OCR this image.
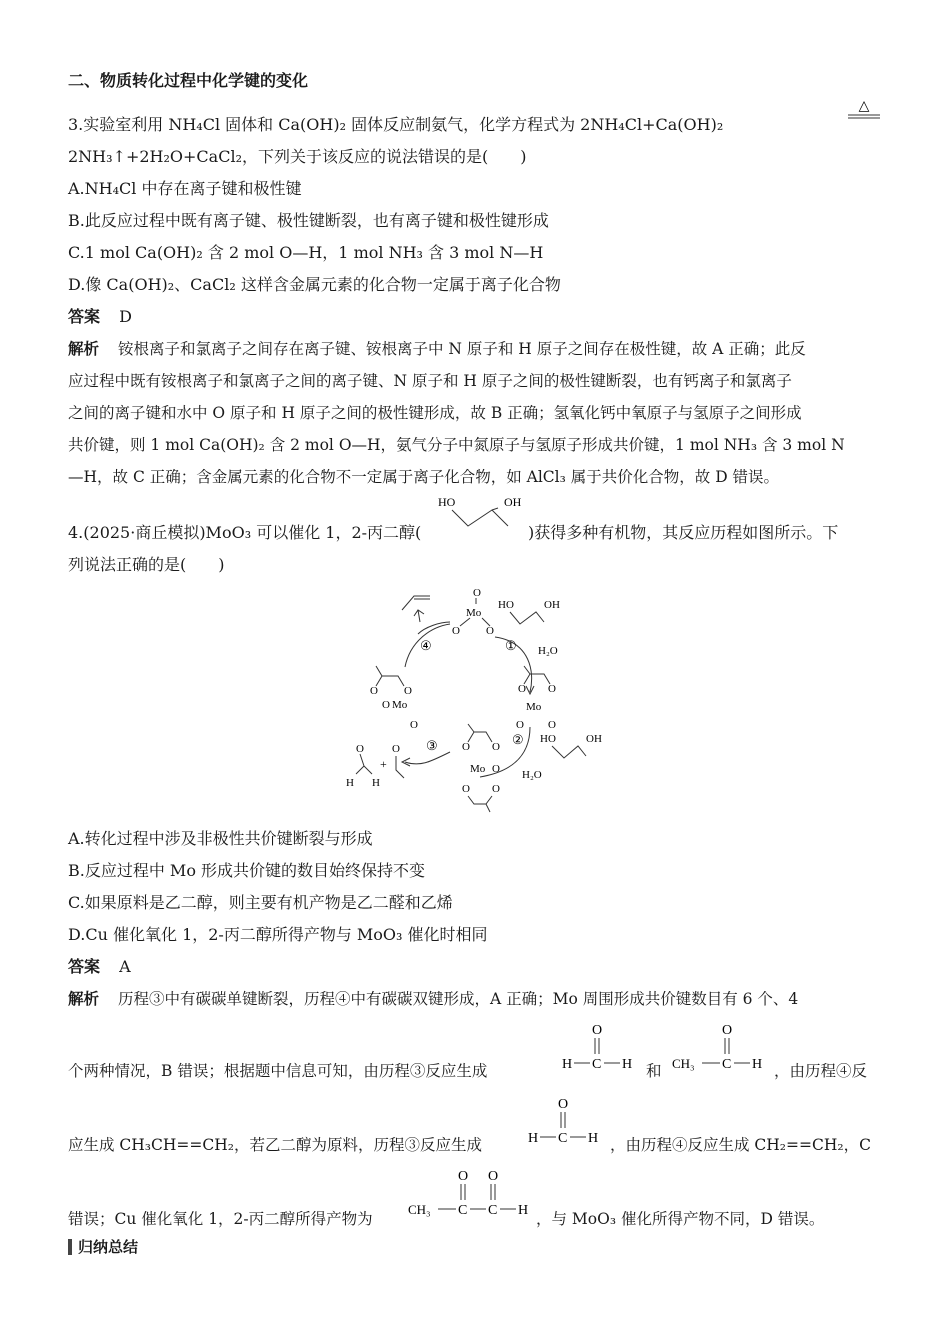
二、物质转化过程中化学键的变化
3.实验室利用 NH₄Cl 固体和 Ca(OH)₂ 固体反应制氨气，化学方程式为 2NH₄Cl+Ca(OH)₂
△
2NH₃↑+2H₂O+CaCl₂，下列关于该反应的说法错误的是(　　)
A.NH₄Cl 中存在离子键和极性键
B.此反应过程中既有离子键、极性键断裂，也有离子键和极性键形成
C.1 mol Ca(OH)₂ 含 2 mol O—H，1 mol NH₃ 含 3 mol N—H
D.像 Ca(OH)₂、CaCl₂ 这样含金属元素的化合物一定属于离子化合物
答案 D
解析 铵根离子和氯离子之间存在离子键、铵根离子中 N 原子和 H 原子之间存在极性键，故 A 正确；此反
应过程中既有铵根离子和氯离子之间的离子键、N 原子和 H 原子之间的极性键断裂，也有钙离子和氯离子
之间的离子键和水中 O 原子和 H 原子之间的极性键形成，故 B 正确；氢氧化钙中氧原子与氢原子之间形成
共价键，则 1 mol Ca(OH)₂ 含 2 mol O—H，氨气分子中氮原子与氢原子形成共价键，1 mol NH₃ 含 3 mol N
—H，故 C 正确；含金属元素的化合物不一定属于离子化合物，如 AlCl₃ 属于共价化合物，故 D 错误。
4.(2025·商丘模拟)MoO₃ 可以催化 1，2-丙二醇(
HO	OH
)获得多种有机物，其反应历程如图所示。下
列说法正确的是(　　)
④	①
②
③
O
Mo
O O
HO	OH
H₂O
O O
Mo
O O
HO	OH
H₂O
O O
Mo O
O O
O O
Mo
O
O
O
H H
+
O
A.转化过程中涉及非极性共价键断裂与形成
B.反应过程中 Mo 形成共价键的数目始终保持不变
C.如果原料是乙二醇，则主要有机产物是乙二醛和乙烯
D.Cu 催化氧化 1，2-丙二醇所得产物与 MoO₃ 催化时相同
答案 A
解析 历程③中有碳碳单键断裂，历程④中有碳碳双键形成，A 正确；Mo 周围形成共价键数目有 6 个、4
个两种情况，B 错误；根据题中信息可知，由历程③反应生成
O
H C H 和
O
CH₃ C H ，由历程④反
应生成 CH₃CH==CH₂，若乙二醇为原料，历程③反应生成
O
H C H ，由历程④反应生成 CH₂==CH₂，C
错误；Cu 催化氧化 1，2-丙二醇所得产物为
O O
CH₃ C C H ，与 MoO₃ 催化所得产物不同，D 错误。
归纳总结
